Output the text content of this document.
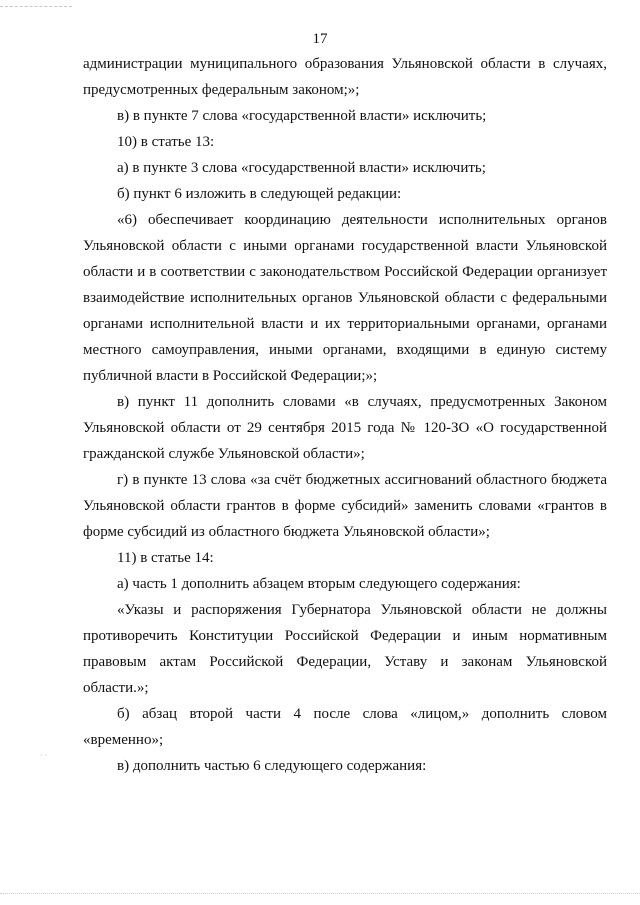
17

администрации муниципального образования Ульяновской области в случаях, предусмотренных федеральным законом;»;

в) в пункте 7 слова «государственной власти» исключить;

10) в статье 13:

а) в пункте 3 слова «государственной власти» исключить;

б) пункт 6 изложить в следующей редакции:

«6) обеспечивает координацию деятельности исполнительных органов Ульяновской области с иными органами государственной власти Ульяновской области и в соответствии с законодательством Российской Федерации организует взаимодействие исполнительных органов Ульяновской области с федеральными органами исполнительной власти и их территориальными органами, органами местного самоуправления, иными органами, входящими в единую систему публичной власти в Российской Федерации;»;

в) пункт 11 дополнить словами «в случаях, предусмотренных Законом Ульяновской области от 29 сентября 2015 года № 120-ЗО «О государственной гражданской службе Ульяновской области»;

г) в пункте 13 слова «за счёт бюджетных ассигнований областного бюджета Ульяновской области грантов в форме субсидий» заменить словами «грантов в форме субсидий из областного бюджета Ульяновской области»;

11) в статье 14:

а) часть 1 дополнить абзацем вторым следующего содержания:

«Указы и распоряжения Губернатора Ульяновской области не должны противоречить Конституции Российской Федерации и иным нормативным правовым актам Российской Федерации, Уставу и законам Ульяновской области.»;

б) абзац второй части 4 после слова «лицом,» дополнить словом «временно»;

в) дополнить частью 6 следующего содержания:

· ·
